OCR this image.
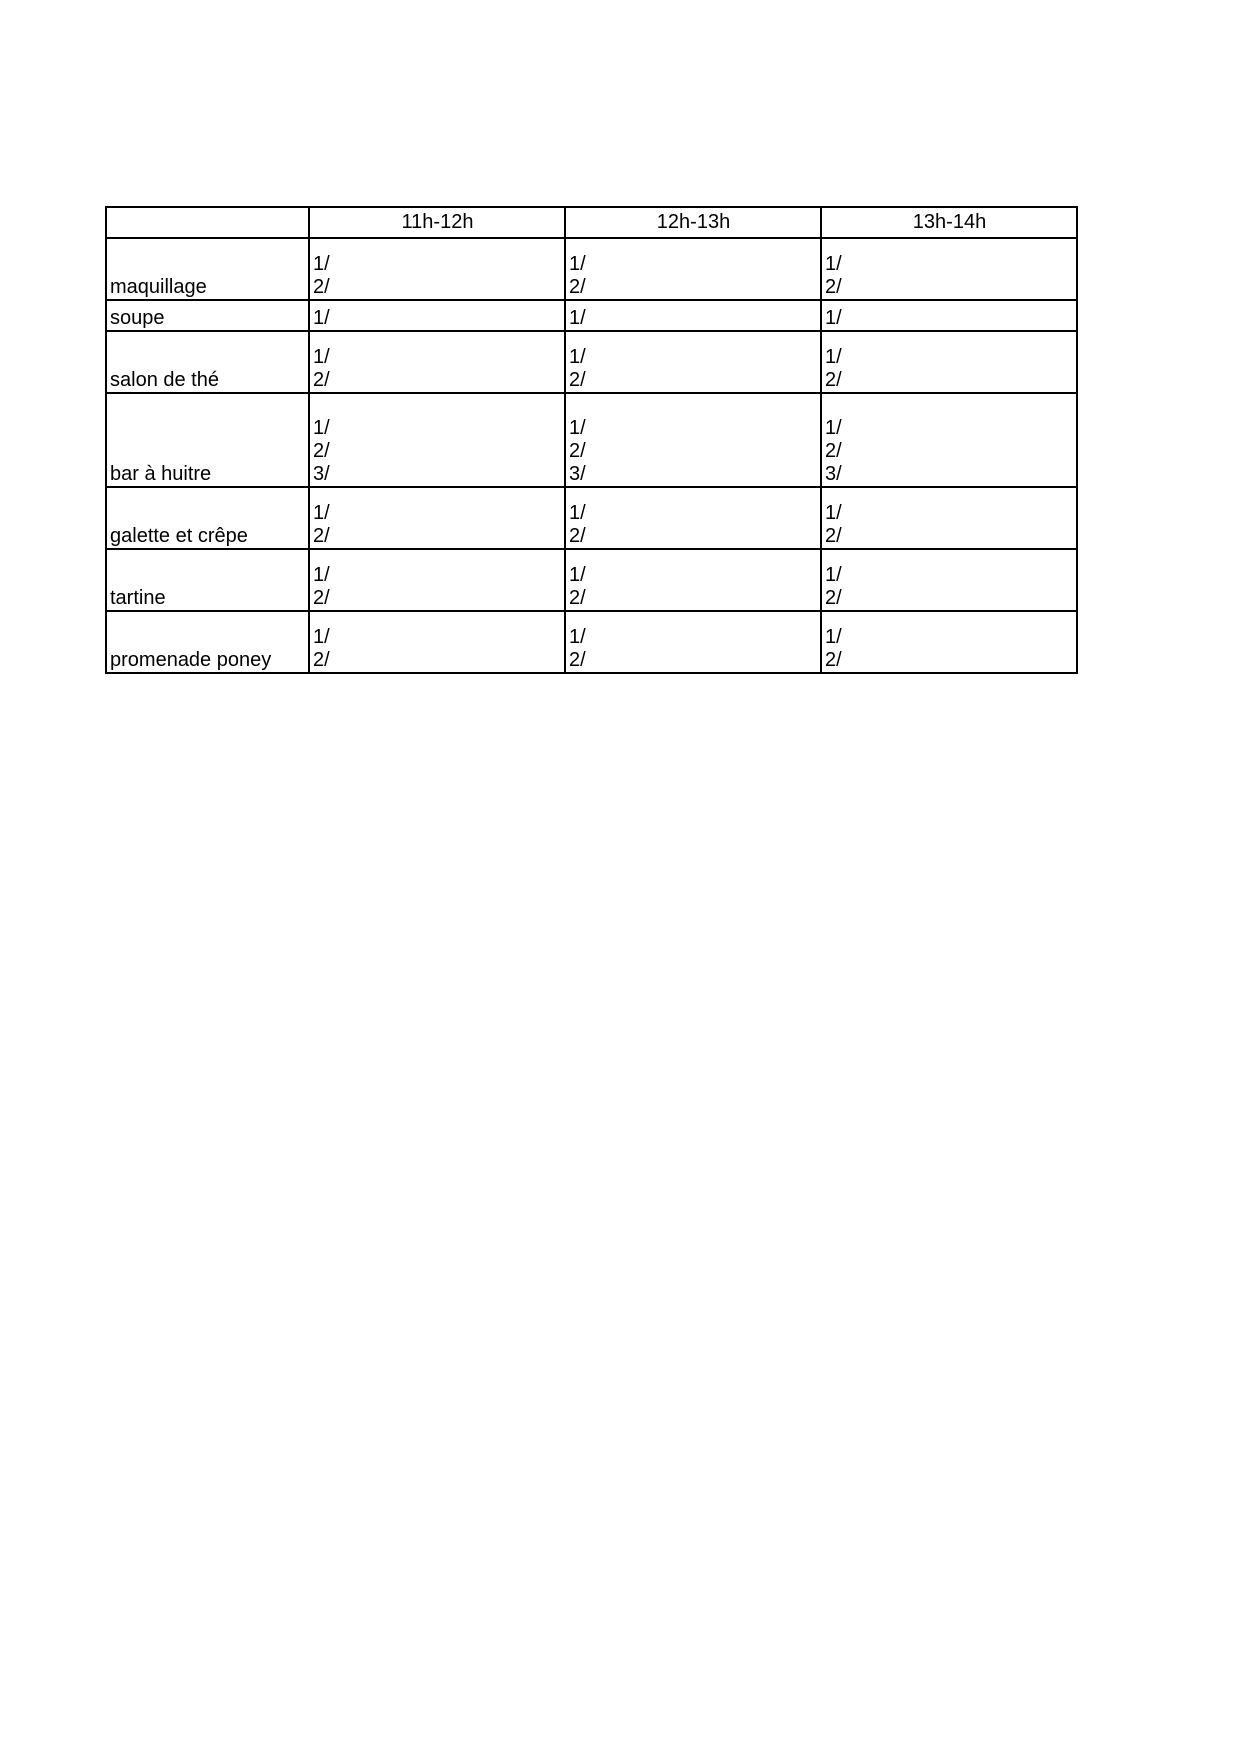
	11h-12h	12h-13h	13h-14h
maquillage	1/
2/	1/
2/	1/
2/

soupe	1/	1/	1/

salon de thé	1/
2/	1/
2/	1/
2/

bar à huitre	1/
2/
3/	1/
2/
3/	1/
2/
3/

galette et crêpe	1/
2/	1/
2/	1/
2/

tartine	1/
2/	1/
2/	1/
2/

promenade poney	1/
2/	1/
2/	1/
2/
